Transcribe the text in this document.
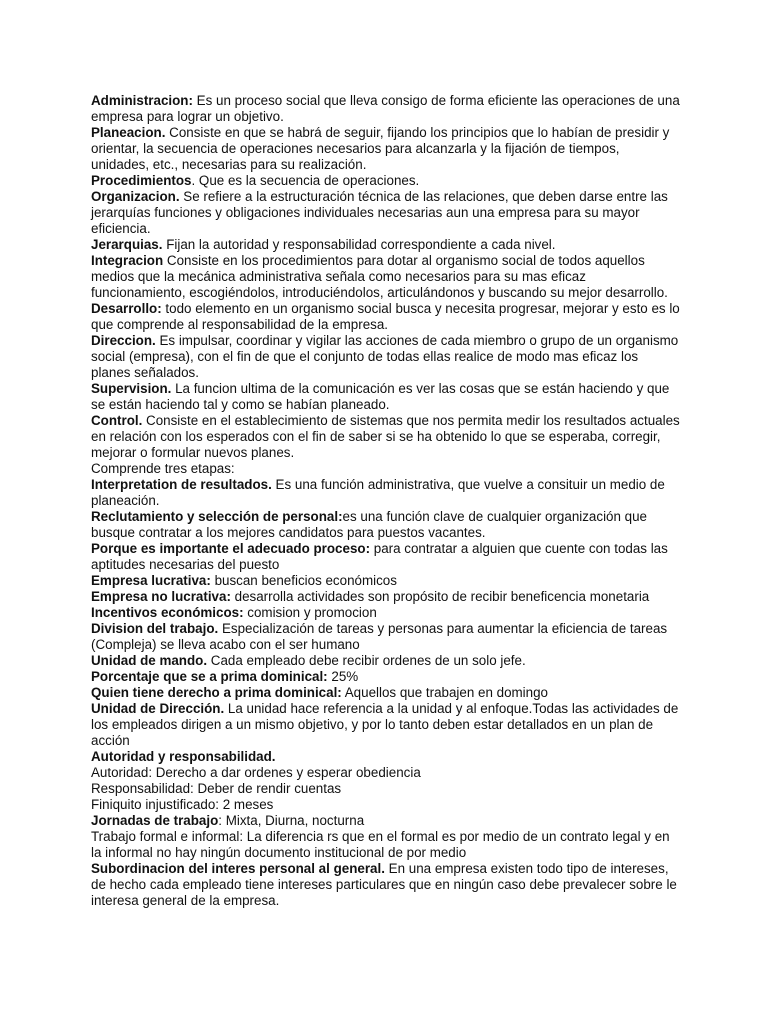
Administracion: Es un proceso social que lleva consigo de forma eficiente las operaciones de una empresa para lograr un objetivo.

Planeacion. Consiste en que se habrá de seguir, fijando los principios que lo habían de presidir y orientar, la secuencia de operaciones necesarios para alcanzarla y la fijación de tiempos, unidades, etc., necesarias para su realización.

Procedimientos. Que es la secuencia de operaciones.

Organizacion. Se refiere a la estructuración técnica de las relaciones, que deben darse entre las jerarquías funciones y obligaciones individuales necesarias aun una empresa para su mayor eficiencia.

Jerarquias. Fijan la autoridad y responsabilidad correspondiente a cada nivel.

Integracion Consiste en los procedimientos para dotar al organismo social de todos aquellos medios que la mecánica administrativa señala como necesarios para su mas eficaz funcionamiento, escogiéndolos, introduciéndolos, articulándonos y buscando su mejor desarrollo.

Desarrollo: todo elemento en un organismo social busca y necesita progresar, mejorar y esto es lo que comprende al responsabilidad de la empresa.

Direccion. Es impulsar, coordinar y vigilar las acciones de cada miembro o grupo de un organismo social (empresa), con el fin de que el conjunto de todas ellas realice de modo mas eficaz los planes señalados.

Supervision. La funcion ultima de la comunicación es ver las cosas que se están haciendo y que se están haciendo tal y como se habían planeado.

Control. Consiste en el establecimiento de sistemas que nos permita medir los resultados actuales en relación con los esperados con el fin de saber si se ha obtenido lo que se esperaba, corregir, mejorar o formular nuevos planes.

Comprende tres etapas:

Interpretation de resultados. Es una función administrativa, que vuelve a consituir un medio de planeación.

Reclutamiento y selección de personal:es una función clave de cualquier organización que busque contratar a los mejores candidatos para puestos vacantes.

Porque es importante el adecuado proceso: para contratar a alguien que cuente con todas las aptitudes necesarias del puesto

Empresa lucrativa: buscan beneficios económicos

Empresa no lucrativa: desarrolla actividades son propósito de recibir beneficencia monetaria

Incentivos económicos: comision y promocion

Division del trabajo. Especialización de tareas y personas para aumentar la eficiencia de tareas (Compleja) se lleva acabo con el ser humano

Unidad de mando. Cada empleado debe recibir ordenes de un solo jefe.

Porcentaje que se a prima dominical: 25%

Quien tiene derecho a prima dominical: Aquellos que trabajen en domingo

Unidad de Dirección. La unidad hace referencia a la unidad y al enfoque.Todas las actividades de los empleados dirigen a un mismo objetivo, y por lo tanto deben estar detallados en un plan de acción

Autoridad y responsabilidad.

Autoridad: Derecho a dar ordenes y esperar obediencia

Responsabilidad: Deber de rendir cuentas

Finiquito injustificado: 2 meses

Jornadas de trabajo: Mixta, Diurna, nocturna

Trabajo formal e informal: La diferencia rs que en el formal es por medio de un contrato legal y en la informal no hay ningún documento institucional de por medio

Subordinacion del interes personal al general. En una empresa existen todo tipo de intereses, de hecho cada empleado tiene intereses particulares que en ningún caso debe prevalecer sobre le interesa general de la empresa.
